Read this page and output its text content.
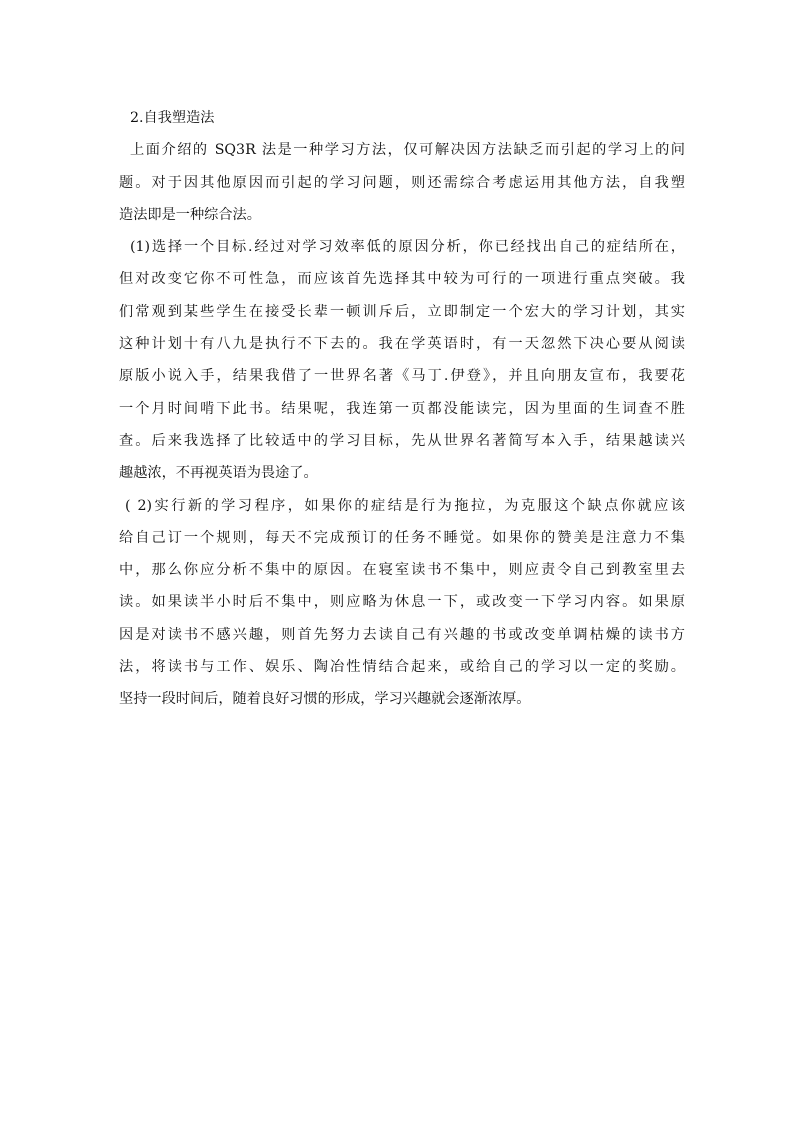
2.自我塑造法
上面介绍的 SQ3R 法是一种学习方法，仅可解决因方法缺乏而引起的学习上的问
题。对于因其他原因而引起的学习问题，则还需综合考虑运用其他方法，自我塑
造法即是一种综合法。
(1)选择一个目标.经过对学习效率低的原因分析，你已经找出自己的症结所在，
但对改变它你不可性急，而应该首先选择其中较为可行的一项进行重点突破。我
们常观到某些学生在接受长辈一顿训斥后，立即制定一个宏大的学习计划，其实
这种计划十有八九是执行不下去的。我在学英语时，有一天忽然下决心要从阅读
原版小说入手，结果我借了一世界名著《马丁.伊登》，并且向朋友宣布，我要花
一个月时间啃下此书。结果呢，我连第一页都没能读完，因为里面的生词查不胜
查。后来我选择了比较适中的学习目标，先从世界名著简写本入手，结果越读兴
趣越浓，不再视英语为畏途了。
( 2)实行新的学习程序，如果你的症结是行为拖拉，为克服这个缺点你就应该
给自己订一个规则，每天不完成预订的任务不睡觉。如果你的赞美是注意力不集
中，那么你应分析不集中的原因。在寝室读书不集中，则应责令自己到教室里去
读。如果读半小时后不集中，则应略为休息一下，或改变一下学习内容。如果原
因是对读书不感兴趣，则首先努力去读自己有兴趣的书或改变单调枯燥的读书方
法，将读书与工作、娱乐、陶冶性情结合起来，或给自己的学习以一定的奖励。
坚持一段时间后，随着良好习惯的形成，学习兴趣就会逐渐浓厚。
